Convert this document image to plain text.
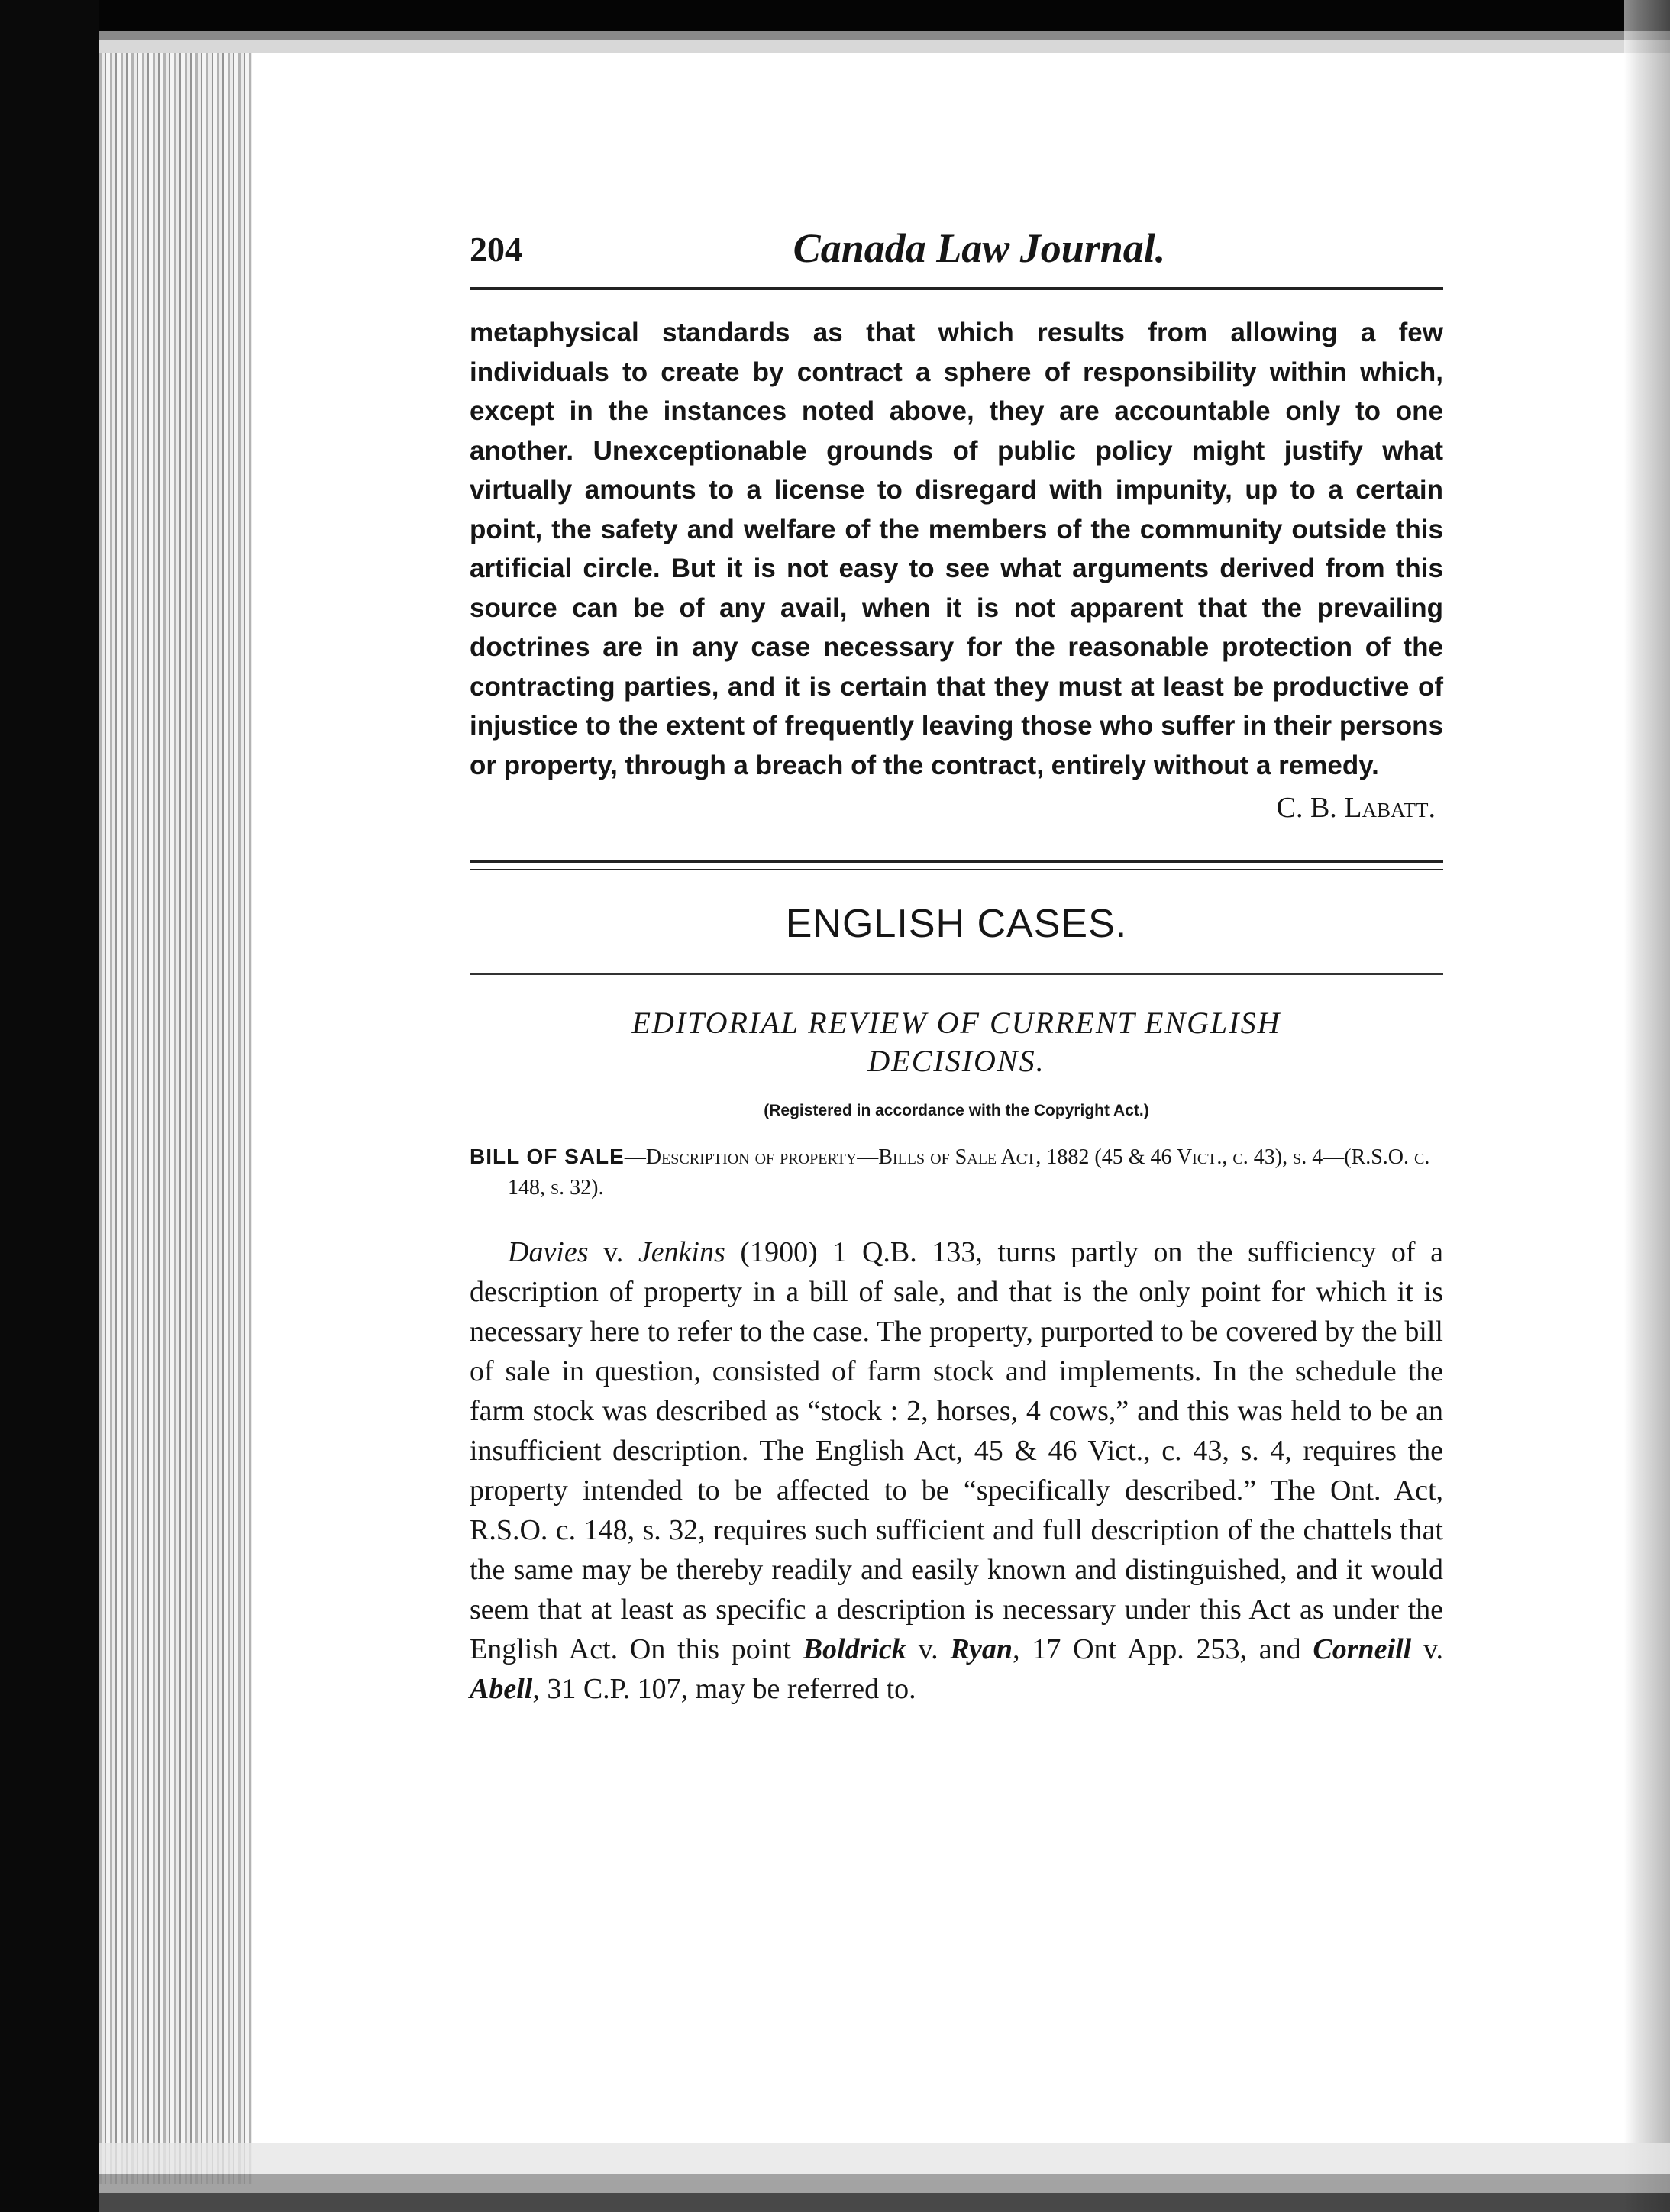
204	Canada Law Journal.
metaphysical standards as that which results from allowing a few individuals to create by contract a sphere of responsibility within which, except in the instances noted above, they are accountable only to one another. Unexceptionable grounds of public policy might justify what virtually amounts to a license to disregard with impunity, up to a certain point, the safety and welfare of the members of the community outside this artificial circle. But it is not easy to see what arguments derived from this source can be of any avail, when it is not apparent that the prevailing doctrines are in any case necessary for the reasonable protection of the contracting parties, and it is certain that they must at least be productive of injustice to the extent of frequently leaving those who suffer in their persons or property, through a breach of the contract, entirely without a remedy.
C. B. Labatt.
ENGLISH CASES.
EDITORIAL REVIEW OF CURRENT ENGLISH
DECISIONS.
(Registered in accordance with the Copyright Act.)
BILL OF SALE—Description of property—Bills of Sale Act, 1882 (45 & 46 Vict., c. 43), s. 4—(R.S.O. c. 148, s. 32).
Davies v. Jenkins (1900) 1 Q.B. 133, turns partly on the sufficiency of a description of property in a bill of sale, and that is the only point for which it is necessary here to refer to the case. The property, purported to be covered by the bill of sale in question, consisted of farm stock and implements. In the schedule the farm stock was described as “stock : 2, horses, 4 cows,” and this was held to be an insufficient description. The English Act, 45 & 46 Vict., c. 43, s. 4, requires the property intended to be affected to be “specifically described.” The Ont. Act, R.S.O. c. 148, s. 32, requires such sufficient and full description of the chattels that the same may be thereby readily and easily known and distinguished, and it would seem that at least as specific a description is necessary under this Act as under the English Act. On this point Boldrick v. Ryan, 17 Ont App. 253, and Corneill v. Abell, 31 C.P. 107, may be referred to.
